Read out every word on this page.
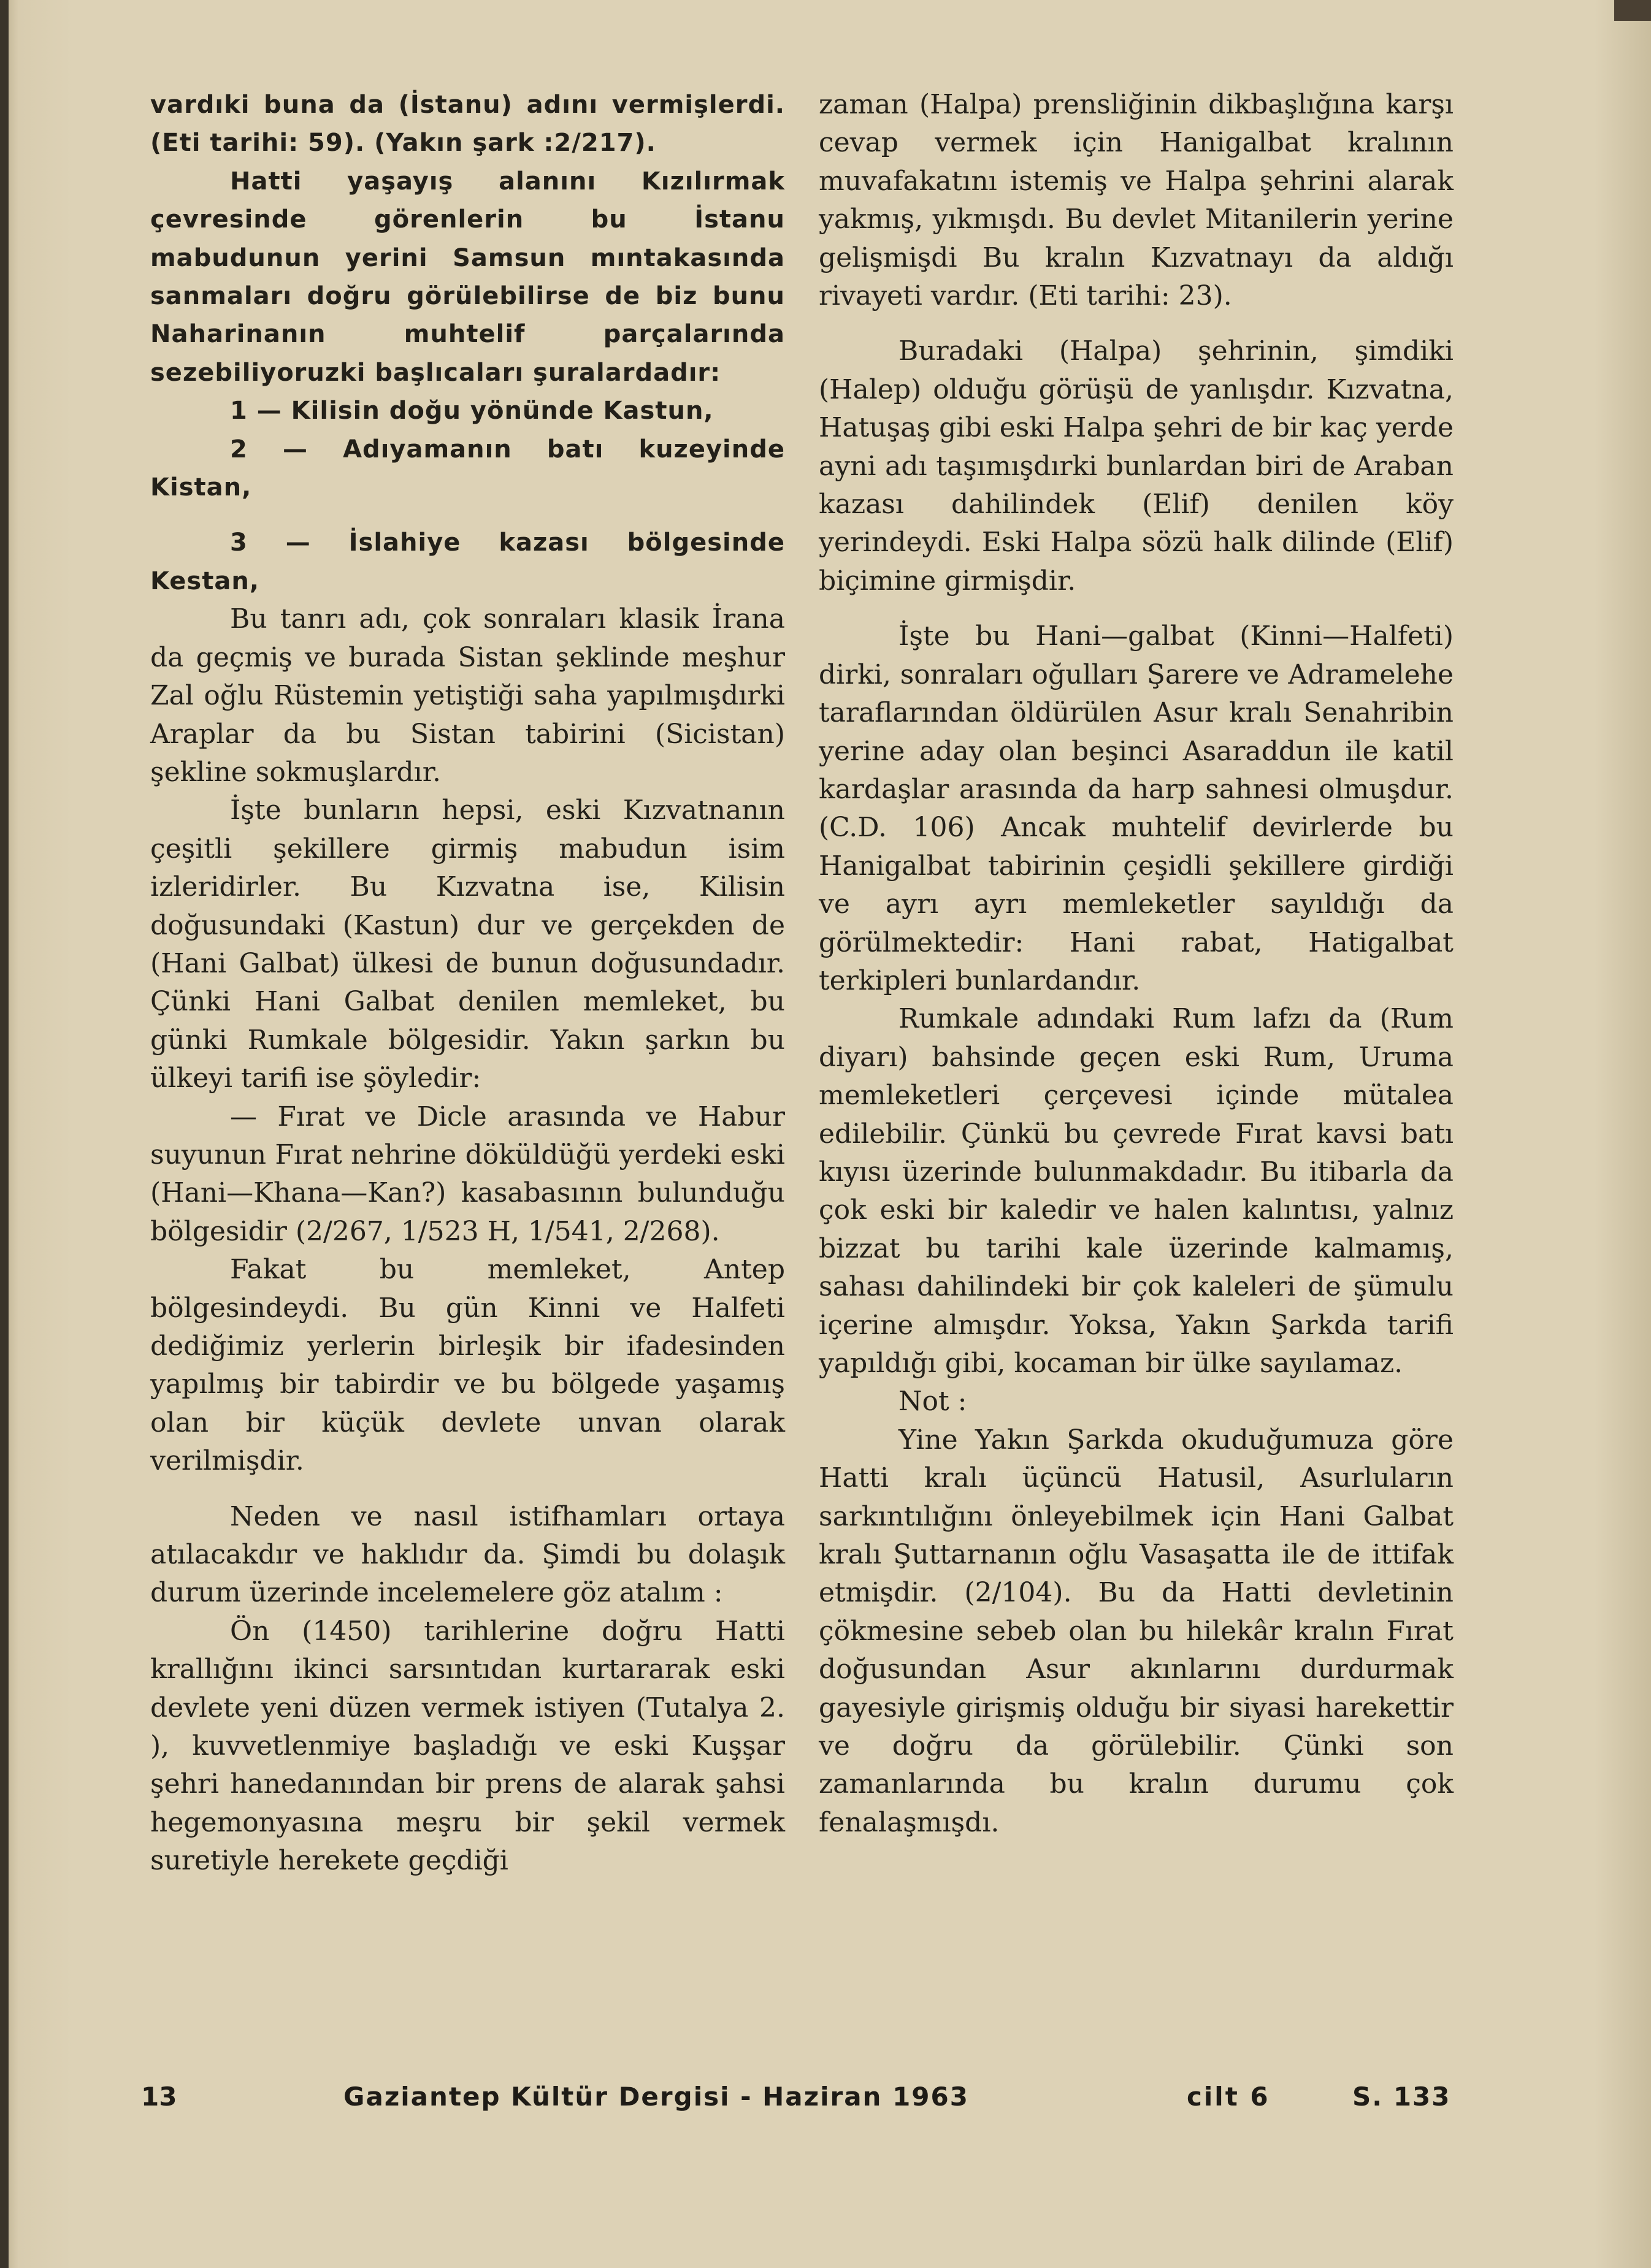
vardıki buna da (İstanu) adını vermişlerdi. (Eti tarihi: 59). (Yakın şark :2/217).

Hatti yaşayış alanını Kızılırmak çevresinde görenlerin bu İstanu mabudunun yerini Samsun mıntakasında sanmaları doğru görülebilirse de biz bunu Naharinanın muhtelif parçalarında sezebiliyoruzki başlıcaları şuralardadır:

1 — Kilisin doğu yönünde Kastun,

2 — Adıyamanın batı kuzeyinde Kistan,

3 — İslahiye kazası bölgesinde Kestan,

Bu tanrı adı, çok sonraları klasik İrana da geçmiş ve burada Sistan şeklinde meşhur Zal oğlu Rüstemin yetiştiği saha yapılmışdırki Araplar da bu Sistan tabirini (Sicistan) şekline sokmuşlardır.

İşte bunların hepsi, eski Kızvatnanın çeşitli şekillere girmiş mabudun isim izleridirler. Bu Kızvatna ise, Kilisin doğusundaki (Kastun) dur ve gerçekden de (Hani Galbat) ülkesi de bunun doğusundadır. Çünki Hani Galbat denilen memleket, bu günki Rumkale bölgesidir. Yakın şarkın bu ülkeyi tarifi ise şöyledir:

— Fırat ve Dicle arasında ve Habur suyunun Fırat nehrine döküldüğü yerdeki eski (Hani—Khana—Kan?) kasabasının bulunduğu bölgesidir (2/267, 1/523 H, 1/541, 2/268).

Fakat bu memleket, Antep bölgesindeydi. Bu gün Kinni ve Halfeti dediğimiz yerlerin birleşik bir ifadesinden yapılmış bir tabirdir ve bu bölgede yaşamış olan bir küçük devlete unvan olarak verilmişdir.

Neden ve nasıl istifhamları ortaya atılacakdır ve haklıdır da. Şimdi bu dolaşık durum üzerinde incelemelere göz atalım :

Ön (1450) tarihlerine doğru Hatti krallığını ikinci sarsıntıdan kurtararak eski devlete yeni düzen vermek istiyen (Tutalya 2. ), kuvvetlenmiye başladığı ve eski Kuşşar şehri hanedanından bir prens de alarak şahsi hegemonyasına meşru bir şekil vermek suretiyle herekete geçdiği

zaman (Halpa) prensliğinin dikbaşlığına karşı cevap vermek için Hanigalbat kralının muvafakatını istemiş ve Halpa şehrini alarak yakmış, yıkmışdı. Bu devlet Mitanilerin yerine gelişmişdi Bu kralın Kızvatnayı da aldığı rivayeti vardır. (Eti tarihi: 23).

Buradaki (Halpa) şehrinin, şimdiki (Halep) olduğu görüşü de yanlışdır. Kızvatna, Hatuşaş gibi eski Halpa şehri de bir kaç yerde ayni adı taşımışdırki bunlardan biri de Araban kazası dahilindek (Elif) denilen köy yerindeydi. Eski Halpa sözü halk dilinde (Elif) biçimine girmişdir.

İşte bu Hani—galbat (Kinni—Halfeti) dirki, sonraları oğulları Şarere ve Adramelehe taraflarından öldürülen Asur kralı Senahribin yerine aday olan beşinci Asaraddun ile katil kardaşlar arasında da harp sahnesi olmuşdur. (C.D. 106) Ancak muhtelif devirlerde bu Hanigalbat tabirinin çeşidli şekillere girdiği ve ayrı ayrı memleketler sayıldığı da görülmektedir: Hani rabat, Hatigalbat terkipleri bunlardandır.

Rumkale adındaki Rum lafzı da (Rum diyarı) bahsinde geçen eski Rum, Uruma memleketleri çerçevesi içinde mütalea edilebilir. Çünkü bu çevrede Fırat kavsi batı kıyısı üzerinde bulunmakdadır. Bu itibarla da çok eski bir kaledir ve halen kalıntısı, yalnız bizzat bu tarihi kale üzerinde kalmamış, sahası dahilindeki bir çok kaleleri de şümulu içerine almışdır. Yoksa, Yakın Şarkda tarifi yapıldığı gibi, kocaman bir ülke sayılamaz.

Not :

Yine Yakın Şarkda okuduğumuza göre Hatti kralı üçüncü Hatusil, Asurluların sarkıntılığını önleyebilmek için Hani Galbat kralı Şuttarnanın oğlu Vasaşatta ile de ittifak etmişdir. (2/104). Bu da Hatti devletinin çökmesine sebeb olan bu hilekâr kralın Fırat doğusundan Asur akınlarını durdurmak gayesiyle girişmiş olduğu bir siyasi harekettir ve doğru da görülebilir. Çünki son zamanlarında bu kralın durumu çok fenalaşmışdı.

13	Gaziantep Kültür Dergisi - Haziran 1963	cilt 6	S. 133
